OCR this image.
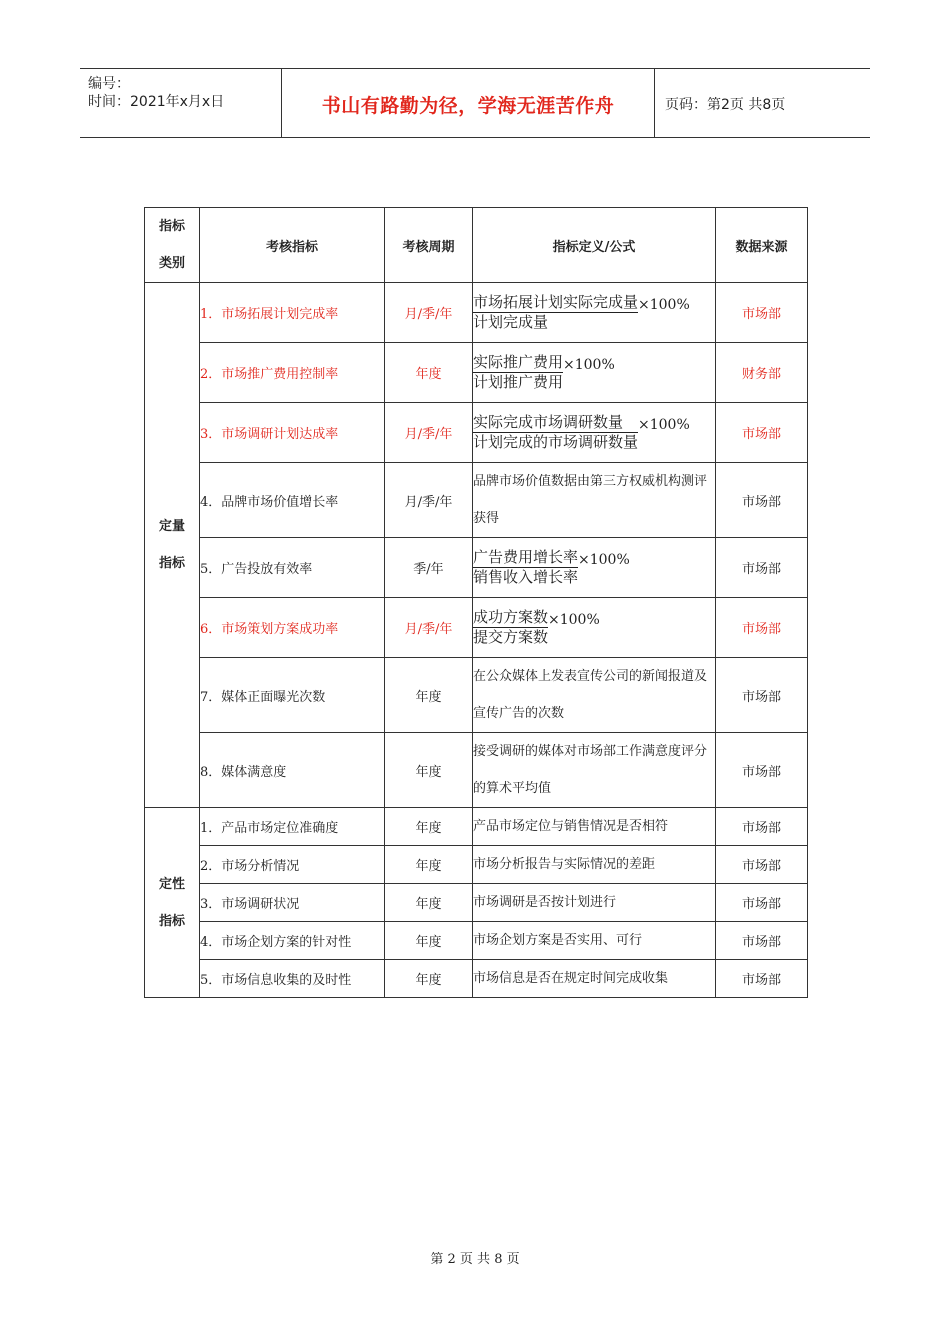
编号：
时间：2021年x月x日	书山有路勤为径，学海无涯苦作舟	页码：第2页 共8页
指标
类别	考核指标	考核周期	指标定义/公式	数据来源
定量
指标	1．市场拓展计划完成率	月/季/年	$\frac{\text{市场拓展计划实际完成量}}{\text{计划完成量}} \times 100\%$	市场部
	2．市场推广费用控制率	年度	$\frac{\text{实际推广费用}}{\text{计划推广费用}} \times 100\%$	财务部
	3．市场调研计划达成率	月/季/年	$\frac{\text{实际完成市场调研数量}}{\text{计划完成的市场调研数量}} \times 100\%$	市场部
	4．品牌市场价值增长率	月/季/年	品牌市场价值数据由第三方权威机构测评获得	市场部
	5．广告投放有效率	季/年	$\frac{\text{广告费用增长率}}{\text{销售收入增长率}} \times 100\%$	市场部
	6．市场策划方案成功率	月/季/年	$\frac{\text{成功方案数}}{\text{提交方案数}} \times 100\%$	市场部
	7．媒体正面曝光次数	年度	在公众媒体上发表宣传公司的新闻报道及宣传广告的次数	市场部
	8．媒体满意度	年度	接受调研的媒体对市场部工作满意度评分的算术平均值	市场部
定性
指标	1．产品市场定位准确度	年度	产品市场定位与销售情况是否相符	市场部
	2．市场分析情况	年度	市场分析报告与实际情况的差距	市场部
	3．市场调研状况	年度	市场调研是否按计划进行	市场部
	4．市场企划方案的针对性	年度	市场企划方案是否实用、可行	市场部
	5．市场信息收集的及时性	年度	市场信息是否在规定时间完成收集	市场部
第 2 页 共 8 页
